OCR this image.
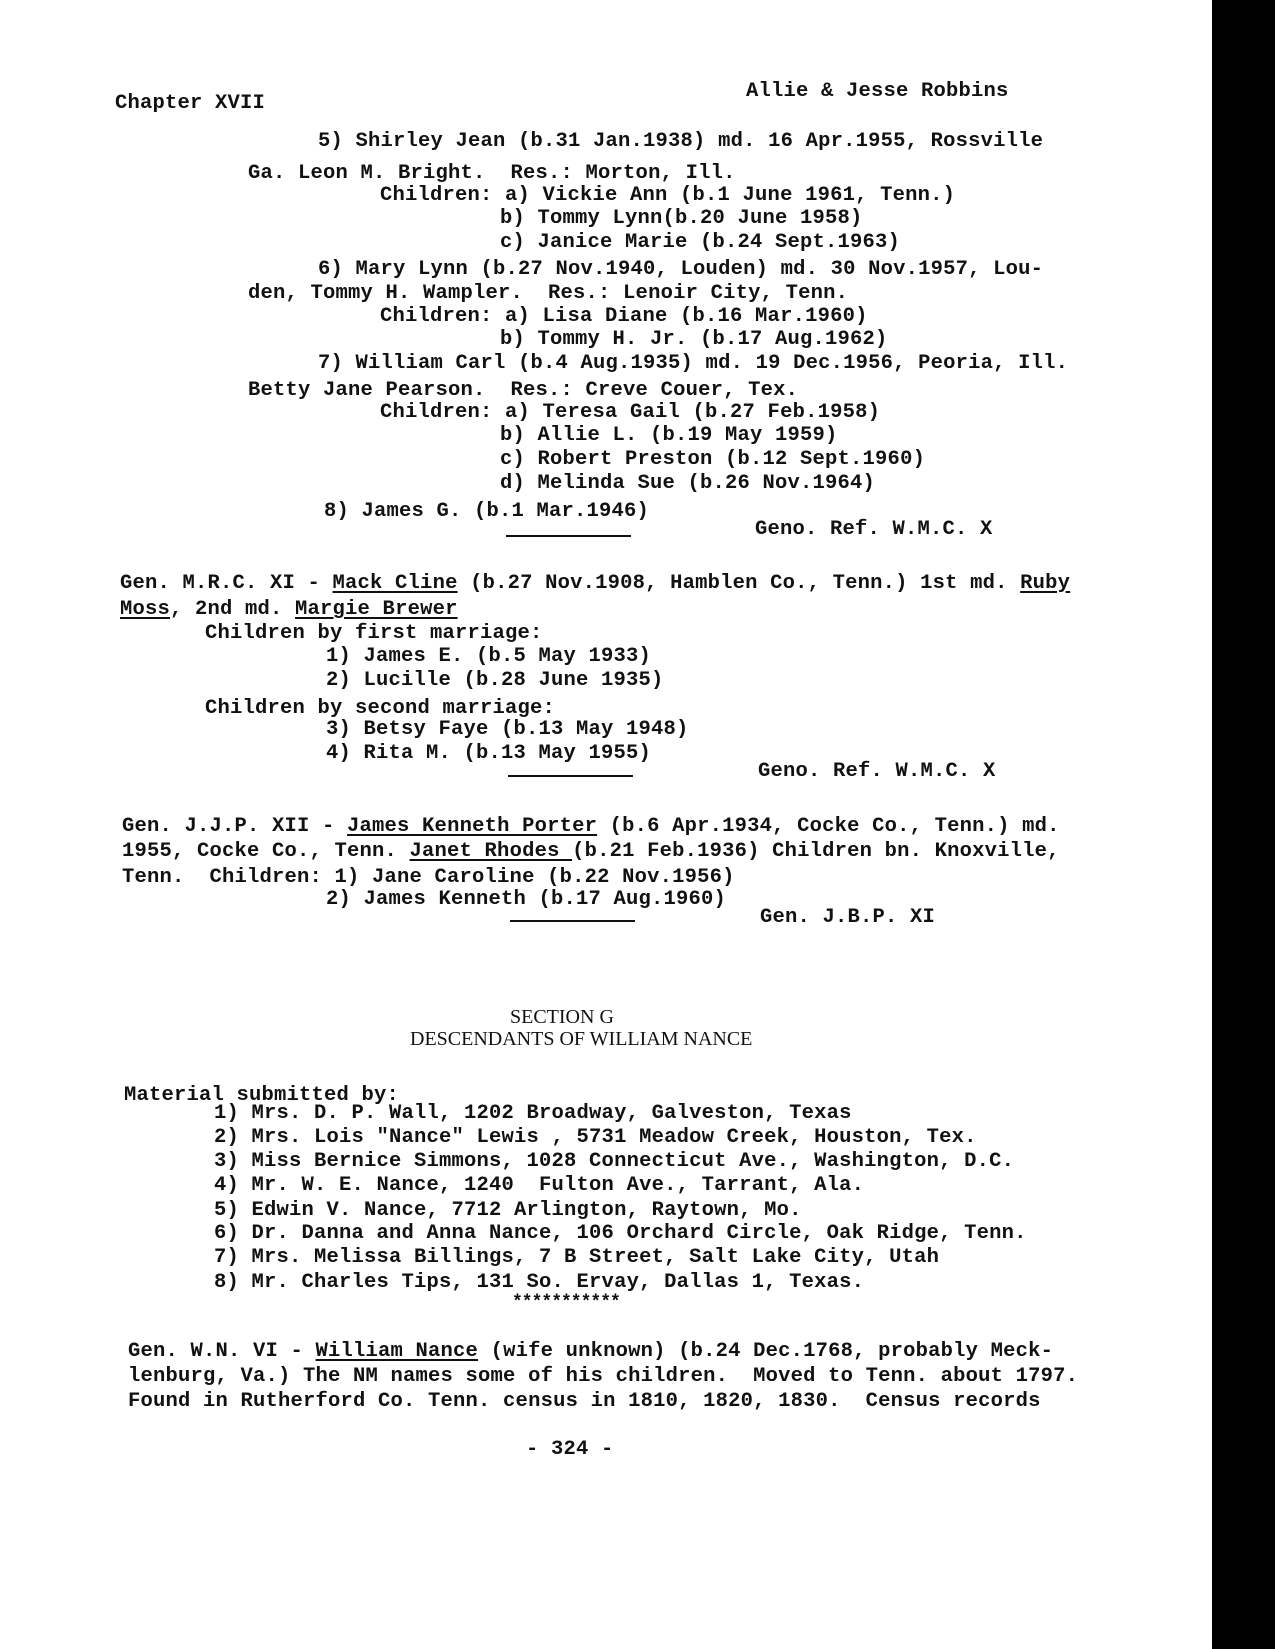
Chapter XVII
Allie & Jesse Robbins
5) Shirley Jean (b.31 Jan.1938) md. 16 Apr.1955, Rossville
Ga. Leon M. Bright.  Res.: Morton, Ill.
Children: a) Vickie Ann (b.1 June 1961, Tenn.)
b) Tommy Lynn(b.20 June 1958)
c) Janice Marie (b.24 Sept.1963)
6) Mary Lynn (b.27 Nov.1940, Louden) md. 30 Nov.1957, Lou-
den, Tommy H. Wampler.  Res.: Lenoir City, Tenn.
Children: a) Lisa Diane (b.16 Mar.1960)
b) Tommy H. Jr. (b.17 Aug.1962)
7) William Carl (b.4 Aug.1935) md. 19 Dec.1956, Peoria, Ill.
Betty Jane Pearson.  Res.: Creve Couer, Tex.
Children: a) Teresa Gail (b.27 Feb.1958)
b) Allie L. (b.19 May 1959)
c) Robert Preston (b.12 Sept.1960)
d) Melinda Sue (b.26 Nov.1964)
8) James G. (b.1 Mar.1946)
Geno. Ref. W.M.C. X
Gen. M.R.C. XI - Mack Cline (b.27 Nov.1908, Hamblen Co., Tenn.) 1st md. Ruby
Moss, 2nd md. Margie Brewer
Children by first marriage:
1) James E. (b.5 May 1933)
2) Lucille (b.28 June 1935)
Children by second marriage:
3) Betsy Faye (b.13 May 1948)
4) Rita M. (b.13 May 1955)
Geno. Ref. W.M.C. X
Gen. J.J.P. XII - James Kenneth Porter (b.6 Apr.1934, Cocke Co., Tenn.) md.
1955, Cocke Co., Tenn. Janet Rhodes (b.21 Feb.1936) Children bn. Knoxville,
Tenn.  Children: 1) Jane Caroline (b.22 Nov.1956)
2) James Kenneth (b.17 Aug.1960)
Gen. J.B.P. XI
SECTION G
DESCENDANTS OF WILLIAM NANCE
Material submitted by:
1) Mrs. D. P. Wall, 1202 Broadway, Galveston, Texas
2) Mrs. Lois "Nance" Lewis , 5731 Meadow Creek, Houston, Tex.
3) Miss Bernice Simmons, 1028 Connecticut Ave., Washington, D.C.
4) Mr. W. E. Nance, 1240  Fulton Ave., Tarrant, Ala.
5) Edwin V. Nance, 7712 Arlington, Raytown, Mo.
6) Dr. Danna and Anna Nance, 106 Orchard Circle, Oak Ridge, Tenn.
7) Mrs. Melissa Billings, 7 B Street, Salt Lake City, Utah
8) Mr. Charles Tips, 131 So. Ervay, Dallas 1, Texas.
***********
Gen. W.N. VI - William Nance (wife unknown) (b.24 Dec.1768, probably Meck-
lenburg, Va.) The NM names some of his children.  Moved to Tenn. about 1797.
Found in Rutherford Co. Tenn. census in 1810, 1820, 1830.  Census records
- 324 -
